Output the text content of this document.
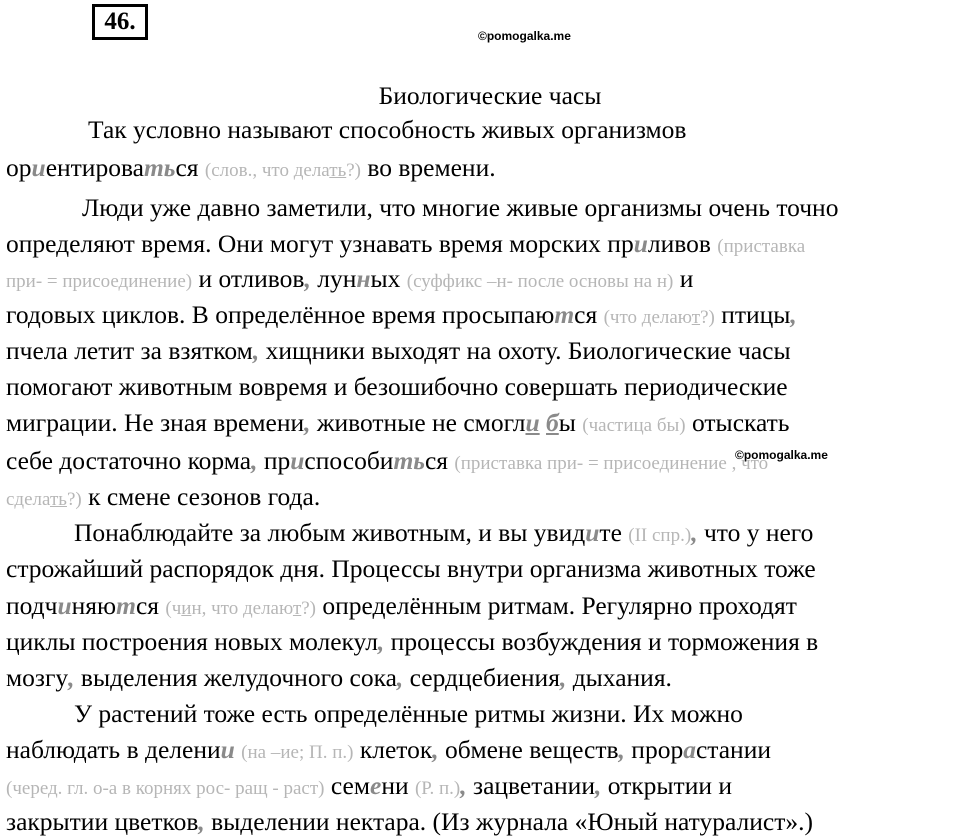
46.
©pomogalka.me
©pomogalka.me
Биологические часы
Так условно называют способность живых организмов
ориентироваться (слов., что делать?) во времени.
Люди уже давно заметили, что многие живые организмы очень точно
определяют время. Они могут узнавать время морских приливов (приставка
при- = присоединение) и отливов, лунных (суффикс –н- после основы на н) и
годовых циклов. В определённое время просыпаются (что делают?) птицы,
пчела летит за взятком, хищники выходят на охоту. Биологические часы
помогают животным вовремя и безошибочно совершать периодические
миграции. Не зная времени, животные не смогли бы (частица бы) отыскать
себе достаточно корма, приспособиться (приставка при- = присоединение , что
сделать?) к смене сезонов года.
Понаблюдайте за любым животным, и вы увидите (II спр.), что у него
строжайший распорядок дня. Процессы внутри организма животных тоже
подчиняются (чин, что делают?) определённым ритмам. Регулярно проходят
циклы построения новых молекул, процессы возбуждения и торможения в
мозгу, выделения желудочного сока, сердцебиения, дыхания.
У растений тоже есть определённые ритмы жизни. Их можно
наблюдать в делении (на –ие; П. п.) клеток, обмене веществ, прорастании
(черед. гл. о-а в корнях рос- ращ - раст) семени (Р. п.), зацветании, открытии и
закрытии цветков, выделении нектара. (Из журнала «Юный натуралист».)
